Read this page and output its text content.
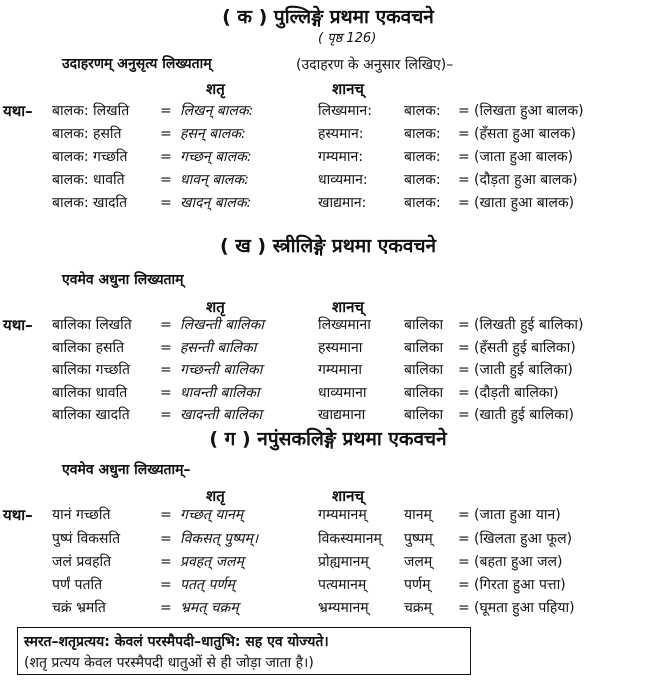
( क ) पुल्लिङ्गे प्रथमा एकवचने
( पृष्ठ 126)
उदाहरणम् अनुसृत्य लिख्यताम्	(उदाहरण के अनुसार लिखिए)–
शतृ	शानच्
यथा– बालक: लिखति = लिखन् बालक:	लिख्यमान: बालक: = (लिखता हुआ बालक)
बालक: हसति	= हसन् बालक:	हस्यमान:	बालक: = (हँसता हुआ बालक)
बालक: गच्छति = गच्छन् बालक:	गम्यमान:	बालक: = (जाता हुआ बालक)
बालक: धावति	= धावन् बालक:	धाव्यमान:	बालक: = (दौड़ता हुआ बालक)
बालक: खादति = खादन् बालक:	खाद्यमान:	बालक: = (खाता हुआ बालक)
( ख ) स्त्रीलिङ्गे प्रथमा एकवचने
एवमेव अधुना लिख्यताम्
शतृ	शानच्
यथा– बालिका लिखति = लिखन्ती बालिका	लिख्यमाना बालिका = (लिखती हुई बालिका)
बालिका हसति	= हसन्ती बालिका	हस्यमाना	बालिका = (हँसती हुई बालिका)
बालिका गच्छति = गच्छन्ती बालिका	गम्यमाना	बालिका = (जाती हुई बालिका)
बालिका धावति = धावन्ती बालिका	धाव्यमाना	बालिका = (दौड़ती बालिका)
बालिका खादति = खादन्ती बालिका	खाद्यमाना	बालिका = (खाती हुई बालिका)
( ग ) नपुंसकलिङ्गे प्रथमा एकवचने
एवमेव अधुना लिख्यताम्–
शतृ	शानच्
यथा– यानं गच्छति	= गच्छत् यानम्	गम्यमानम्	यानम् = (जाता हुआ यान)
पुष्पं विकसति	= विकसत् पुष्पम्।	विकस्यमानम् पुष्पम् = (खिलता हुआ फूल)
जलं प्रवहति	= प्रवहत् जलम्	प्रोह्यमानम्	जलम् = (बहता हुआ जल)
पर्णं पतति	= पतत् पर्णम्	पत्यमानम्	पर्णम् = (गिरता हुआ पत्ता)
चक्रं भ्रमति	= भ्रमत् चक्रम्	भ्रम्यमानम्	चक्रम् = (घूमता हुआ पहिया)
स्मरत–शतृप्रत्यय: केवलं परस्मैपदी–धातुभि: सह एव योज्यते।
(शतृ प्रत्यय केवल परस्मैपदी धातुओं से ही जोड़ा जाता है।)
